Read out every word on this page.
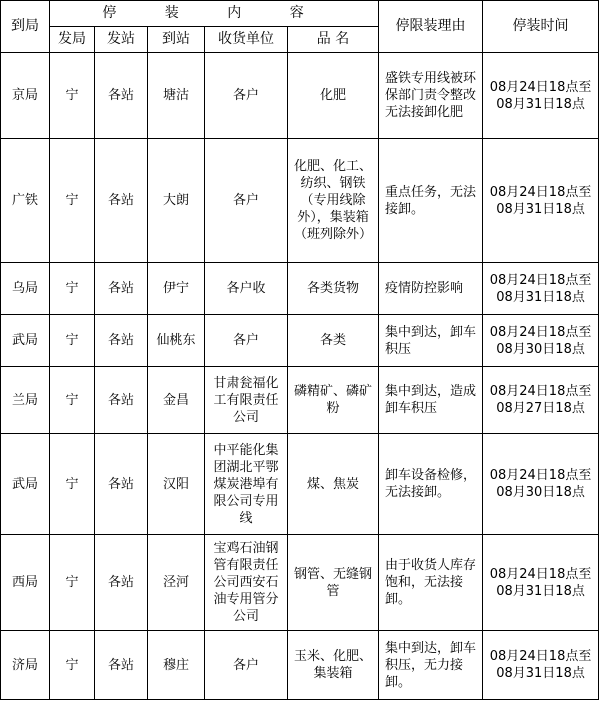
到局	停 装 内 容					停限装理由	停装时间
	发局	发站	到站	收货单位	品 名		
京局	宁	各站	塘沽	各户	化肥	盛铁专用线被环保部门责令整改无法接卸化肥	08月24日18点至08月31日18点
广铁	宁	各站	大朗	各户	化肥、化工、纺织、钢铁（专用线除外），集装箱（班列除外）	重点任务，无法接卸。	08月24日18点至08月31日18点
乌局	宁	各站	伊宁	各户收	各类货物	疫情防控影响	08月24日18点至08月31日18点
武局	宁	各站	仙桃东	各户	各类	集中到达，卸车积压	08月24日18点至08月30日18点
兰局	宁	各站	金昌	甘肃瓮福化工有限责任公司	磷精矿、磷矿粉	集中到达，造成卸车积压	08月24日18点至08月27日18点
武局	宁	各站	汉阳	中平能化集团湖北平鄂煤炭港埠有限公司专用线	煤、焦炭	卸车设备检修，无法接卸。	08月24日18点至08月30日18点
西局	宁	各站	泾河	宝鸡石油钢管有限责任公司西安石油专用管分公司	钢管、无缝钢管	由于收货人库存饱和，无法接卸。	08月24日18点至08月31日18点
济局	宁	各站	穆庄	各户	玉米、化肥、集装箱	集中到达，卸车积压，无力接卸。	08月24日18点至08月31日18点
